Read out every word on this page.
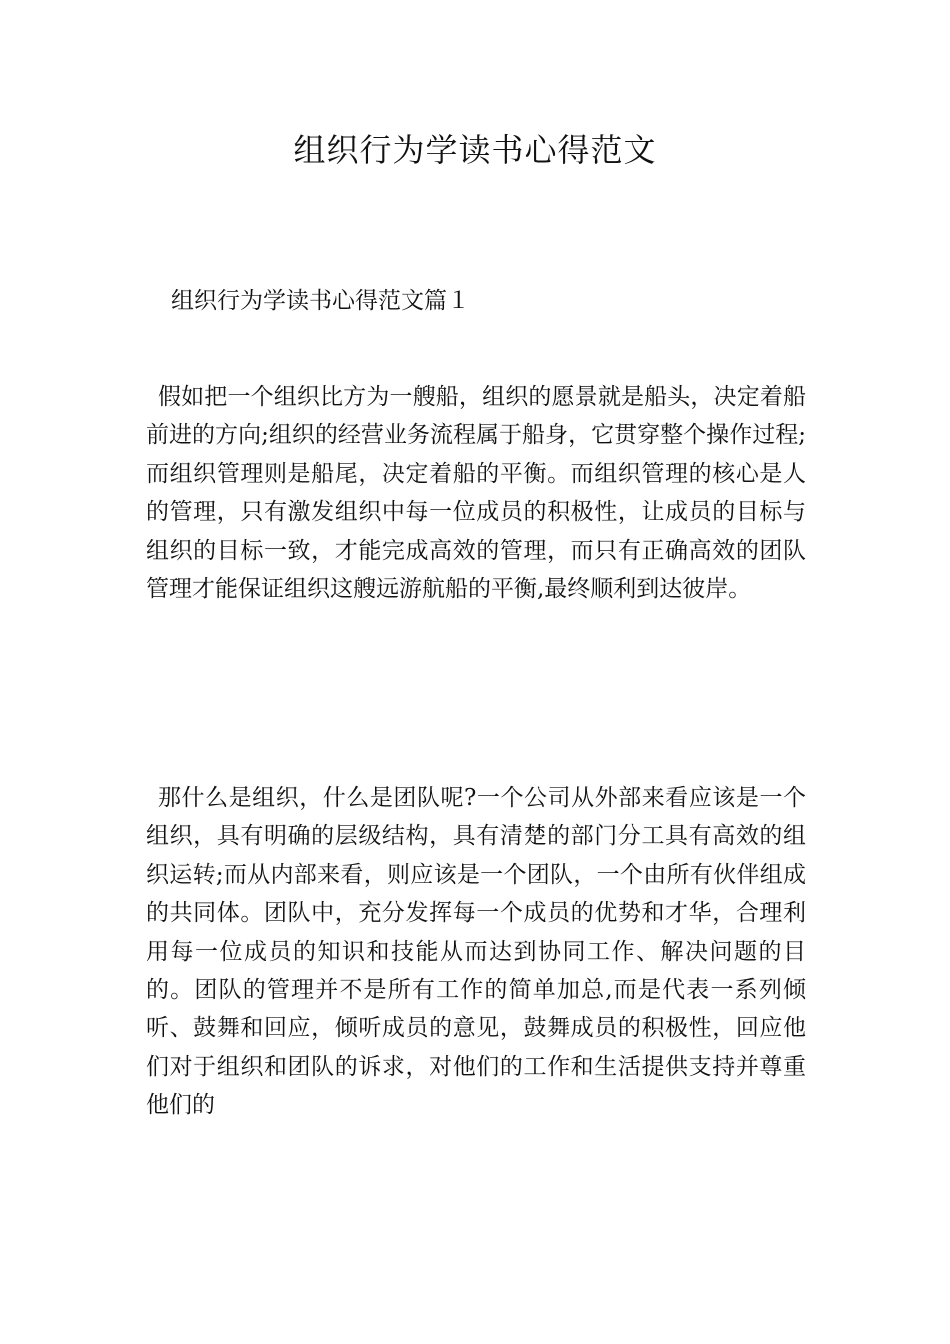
组织行为学读书心得范文
组织行为学读书心得范文篇１

假如把一个组织比方为一艘船，组织的愿景就是船头，决定着船前进的方向;组织的经营业务流程属于船身，它贯穿整个操作过程;而组织管理则是船尾，决定着船的平衡。而组织管理的核心是人的管理，只有激发组织中每一位成员的积极性，让成员的目标与组织的目标一致，才能完成高效的管理，而只有正确高效的团队管理才能保证组织这艘远游航船的平衡,最终顺利到达彼岸。

那什么是组织，什么是团队呢?一个公司从外部来看应该是一个组织，具有明确的层级结构，具有清楚的部门分工具有高效的组织运转;而从内部来看，则应该是一个团队，一个由所有伙伴组成的共同体。团队中，充分发挥每一个成员的优势和才华，合理利用每一位成员的知识和技能从而达到协同工作、解决问题的目的。团队的管理并不是所有工作的简单加总,而是代表一系列倾听、鼓舞和回应，倾听成员的意见，鼓舞成员的积极性，回应他们对于组织和团队的诉求，对他们的工作和生活提供支持并尊重他们的
